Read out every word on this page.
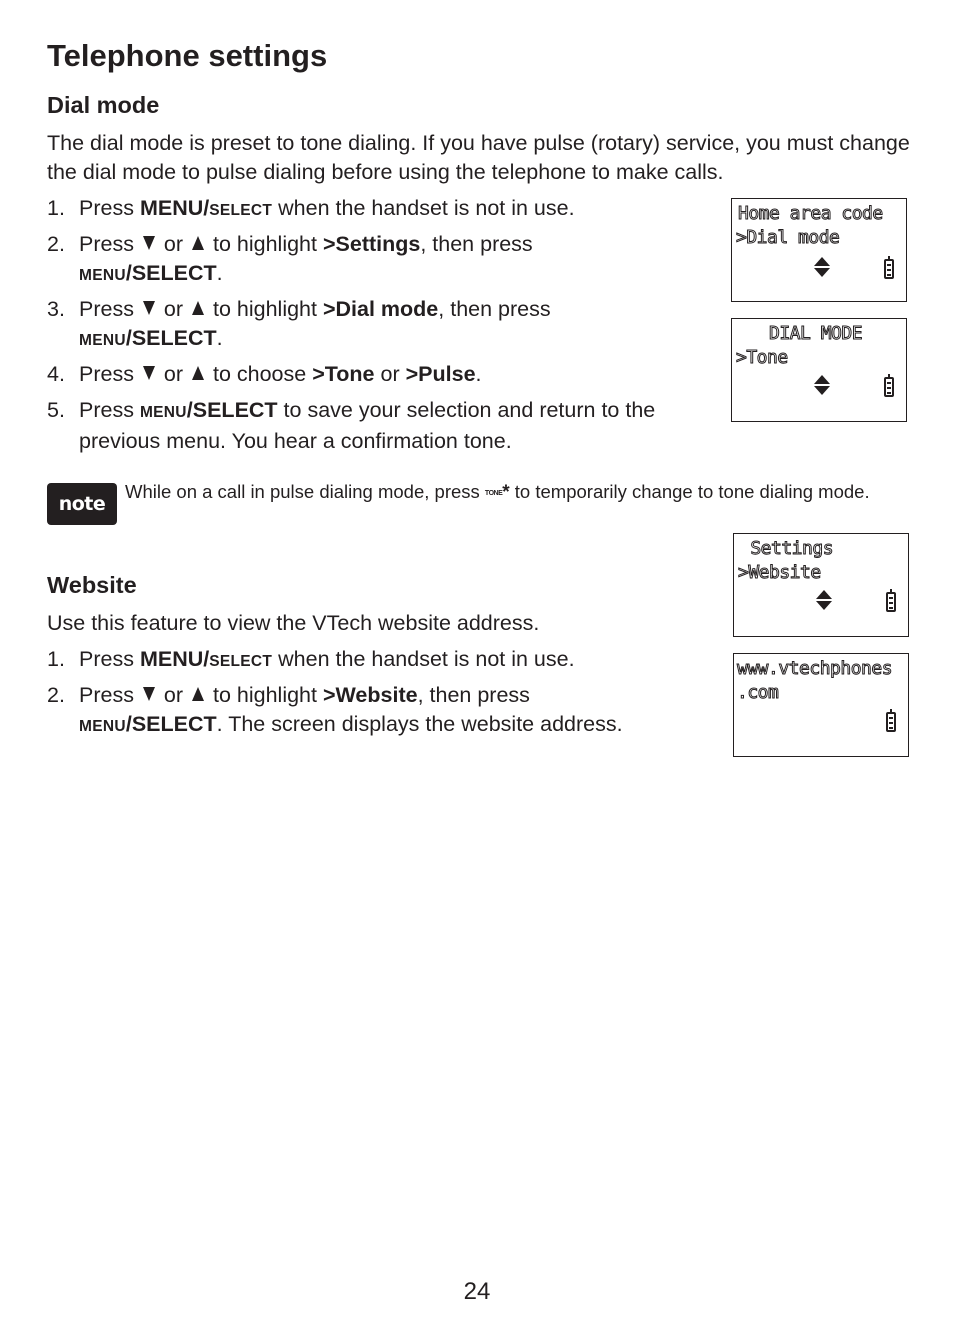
Telephone settings
Dial mode

The dial mode is preset to tone dialing. If you have pulse (rotary) service, you must change the dial mode to pulse dialing before using the telephone to make calls.

1. Press MENU/SELECT when the handset is not in use.
2. Press  or  to highlight >Settings, then press
MENU/SELECT.
3. Press  or  to highlight >Dial mode, then press
MENU/SELECT.
4. Press  or  to choose >Tone or >Pulse.
5. Press MENU/SELECT to save your selection and return to the previous menu. You hear a confirmation tone.
Home area code
>Dial mode
DIAL MODE
>Tone
note
While on a call in pulse dialing mode, press TONE* to temporarily change to tone dialing mode.
Website

Use this feature to view the VTech website address.

1. Press MENU/SELECT when the handset is not in use.
2. Press  or  to highlight >Website, then press
MENU/SELECT. The screen displays the website address.
Settings
>Website
www.vtechphones
.com
24
